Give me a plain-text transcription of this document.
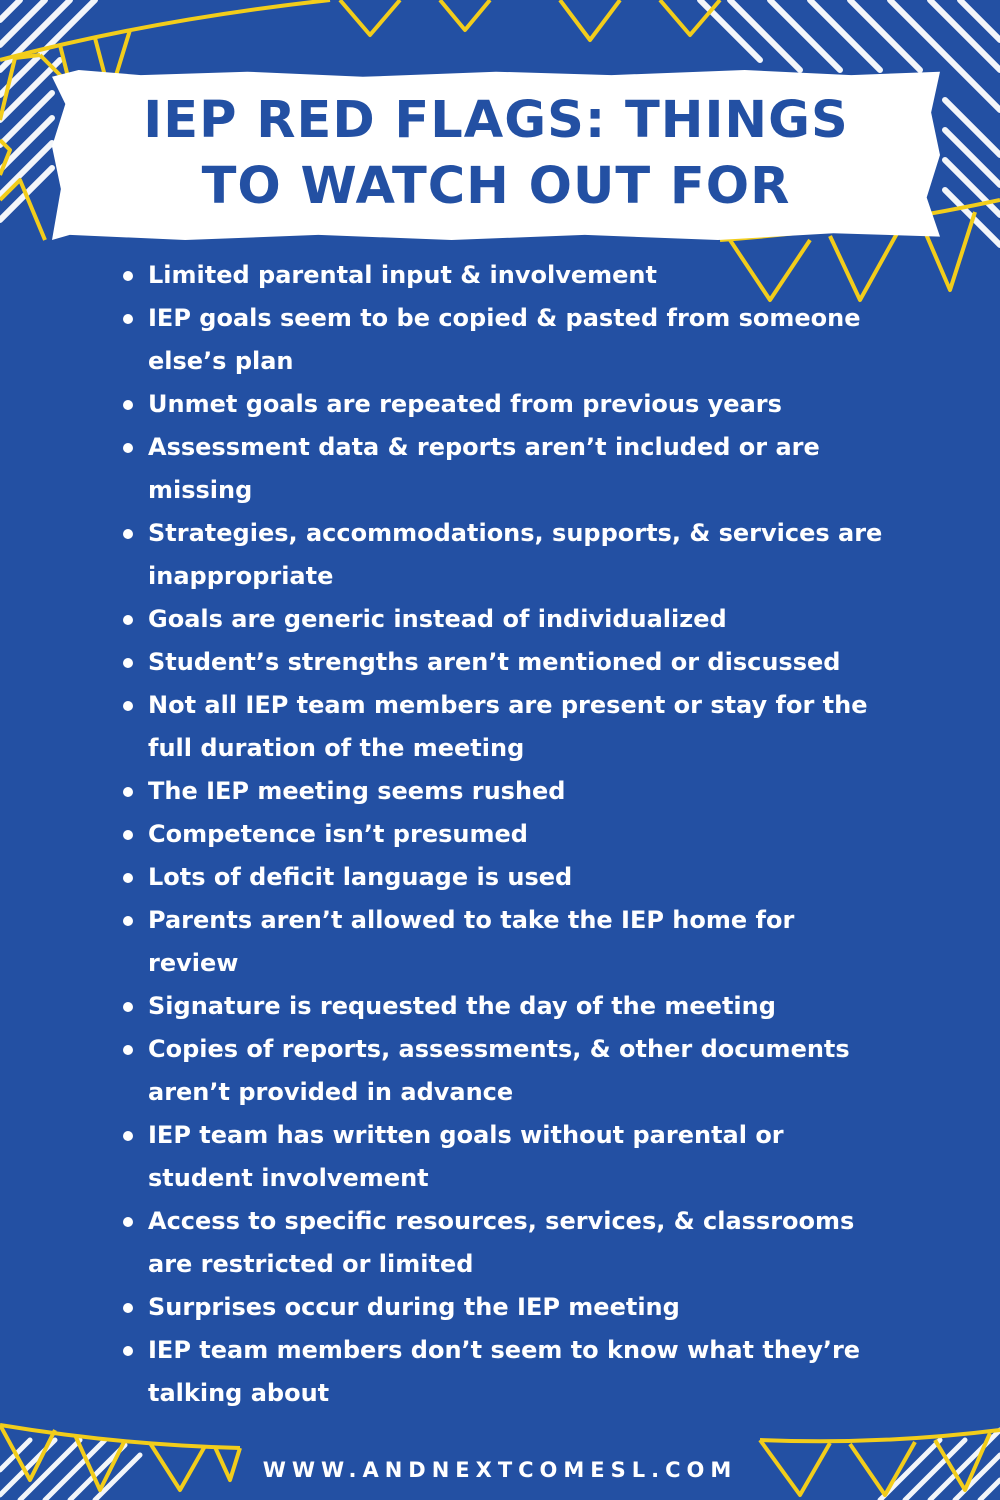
IEP RED FLAGS: THINGS
TO WATCH OUT FOR
Limited parental input & involvement
IEP goals seem to be copied & pasted from someone
else’s plan
Unmet goals are repeated from previous years
Assessment data & reports aren’t included or are
missing
Strategies, accommodations, supports, & services are
inappropriate
Goals are generic instead of individualized
Student’s strengths aren’t mentioned or discussed
Not all IEP team members are present or stay for the
full duration of the meeting
The IEP meeting seems rushed
Competence isn’t presumed
Lots of deficit language is used
Parents aren’t allowed to take the IEP home for
review
Signature is requested the day of the meeting
Copies of reports, assessments, & other documents
aren’t provided in advance
IEP team has written goals without parental or
student involvement
Access to specific resources, services, & classrooms
are restricted or limited
Surprises occur during the IEP meeting
IEP team members don’t seem to know what they’re
talking about
WWW.ANDNEXTCOMESL.COM
